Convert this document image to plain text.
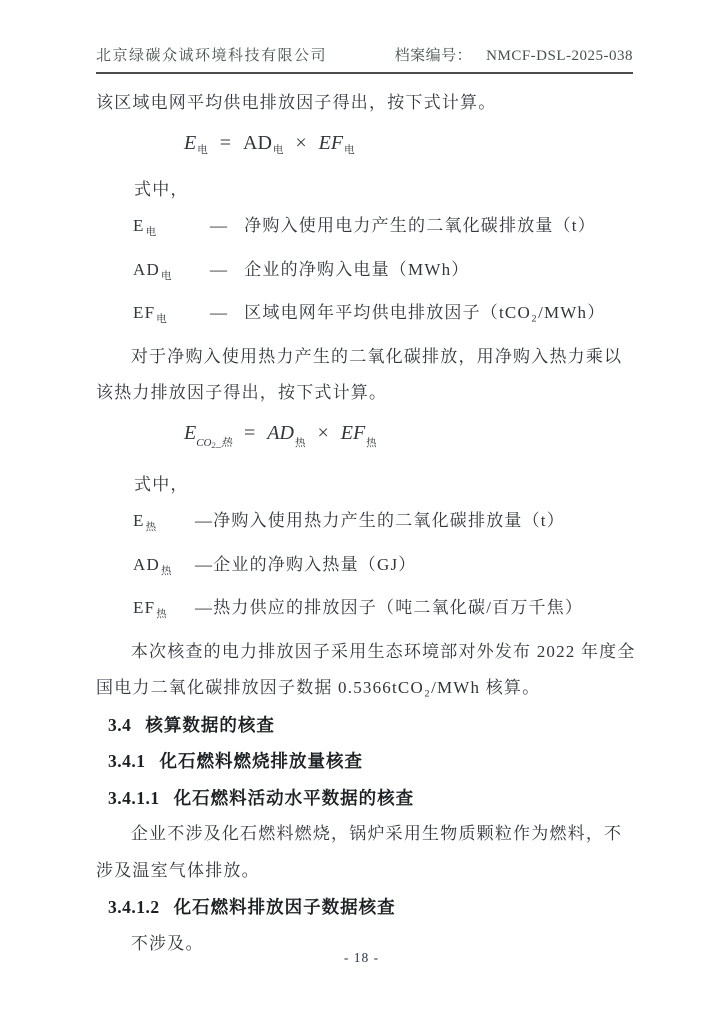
北京绿碳众诚环境科技有限公司	档案编号： NMCF-DSL-2025-038
该区域电网平均供电排放因子得出，按下式计算。
$E_电 = AD_电 \times EF_电$
式中，
$E_电$	— 净购入使用电力产生的二氧化碳排放量（t）
$AD_电$	— 企业的净购入电量（MWh）
$EF_电$	— 区域电网年平均供电排放因子（tCO₂/MWh）
对于净购入使用热力产生的二氧化碳排放，用净购入热力乘以
该热力排放因子得出，按下式计算。
$E_{CO2\_热} = AD_热 \times EF_热$
式中，
$E_热$	— 净购入使用热力产生的二氧化碳排放量（t）
$AD_热$	— 企业的净购入热量（GJ）
$EF_热$	— 热力供应的排放因子（吨二氧化碳/百万千焦）
本次核查的电力排放因子采用生态环境部对外发布 2022 年度全
国电力二氧化碳排放因子数据 0.5366tCO₂/MWh 核算。
3.4 核算数据的核查
3.4.1 化石燃料燃烧排放量核查
3.4.1.1 化石燃料活动水平数据的核查
企业不涉及化石燃料燃烧，锅炉采用生物质颗粒作为燃料，不
涉及温室气体排放。
3.4.1.2 化石燃料排放因子数据核查
不涉及。
- 18 -
